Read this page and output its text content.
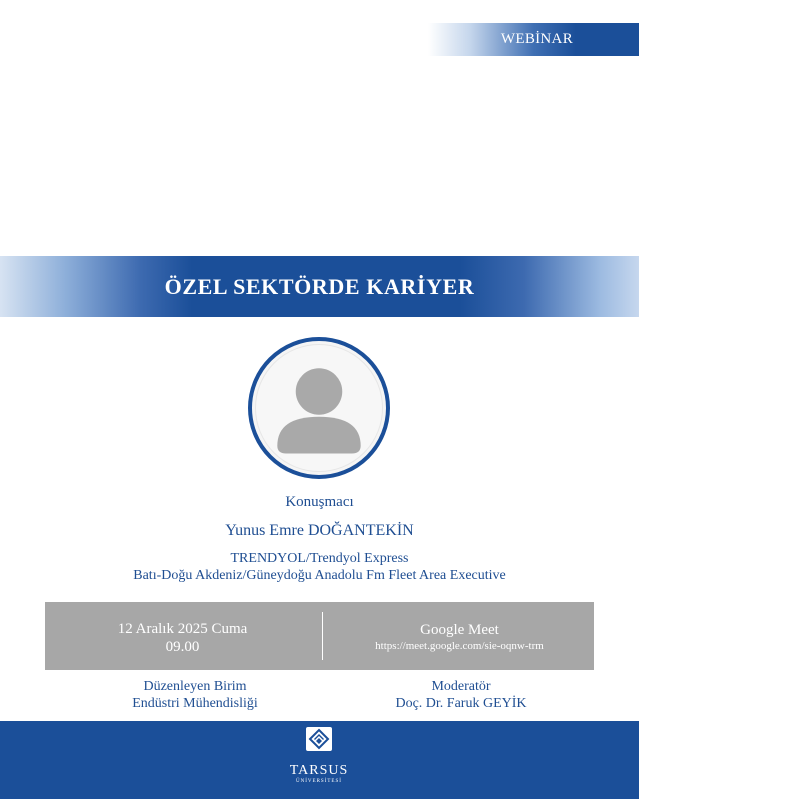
WEBİNAR
ÖZEL SEKTÖRDE KARİYER
Konuşmacı
Yunus Emre DOĞANTEKİN
TRENDYOL/Trendyol Express
Batı-Doğu Akdeniz/Güneydoğu Anadolu Fm Fleet Area Executive
12 Aralık 2025 Cuma
09.00
Google Meet
https://meet.google.com/sie-oqnw-trm
Düzenleyen Birim
Endüstri Mühendisliği
Moderatör
Doç. Dr. Faruk GEYİK
TARSUS
ÜNİVERSİTESİ
